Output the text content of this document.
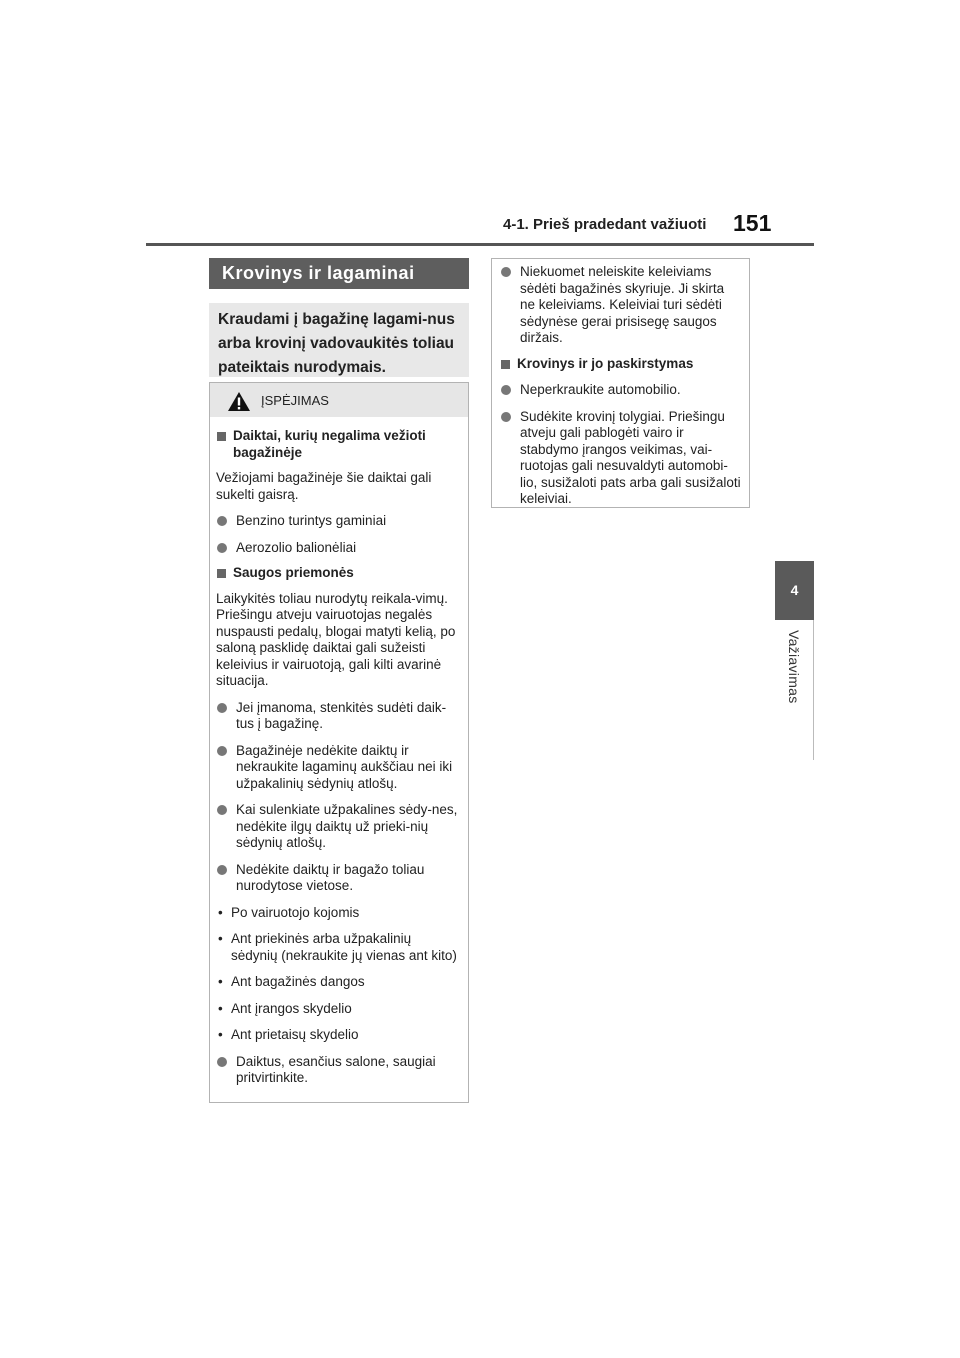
4-1. Prieš pradedant važiuoti 151
4
Važiavimas
Krovinys ir lagaminai
Kraudami į bagažinę lagami-nus arba krovinį vadovaukitės toliau pateiktais nurodymais.
ĮSPĖJIMAS
Daiktai, kurių negalima vežioti bagažinėje
Vežiojami bagažinėje šie daiktai gali sukelti gaisrą.
Benzino turintys gaminiai
Aerozolio balionėliai
Saugos priemonės
Laikykitės toliau nurodytų reikala-vimų. Priešingu atveju vairuotojas negalės nuspausti pedalų, blogai matyti kelią, po saloną pasklidę daiktai gali sužeisti keleivius ir vairuotoją, gali kilti avarinė situacija.
Jei įmanoma, stenkitės sudėti daik-tus į bagažinę.
Bagažinėje nedėkite daiktų ir nekraukite lagaminų aukščiau nei iki užpakalinių sėdynių atlošų.
Kai sulenkiate užpakalines sėdy-nes, nedėkite ilgų daiktų už prieki-nių sėdynių atlošų.
Nedėkite daiktų ir bagažo toliau nurodytose vietose.
• Po vairuotojo kojomis
• Ant priekinės arba užpakalinių sėdynių (nekraukite jų vienas ant kito)
• Ant bagažinės dangos
• Ant įrangos skydelio
• Ant prietaisų skydelio
Daiktus, esančius salone, saugiai pritvirtinkite.
Niekuomet neleiskite keleiviams sėdėti bagažinės skyriuje. Ji skirta ne keleiviams. Keleiviai turi sėdėti sėdynėse gerai prisisegę saugos diržais.
Krovinys ir jo paskirstymas
Neperkraukite automobilio.
Sudėkite krovinį tolygiai. Priešingu atveju gali pablogėti vairo ir stabdymo įrangos veikimas, vai-ruotojas gali nesuvaldyti automobi-lio, susižaloti pats arba gali susižaloti keleiviai.
